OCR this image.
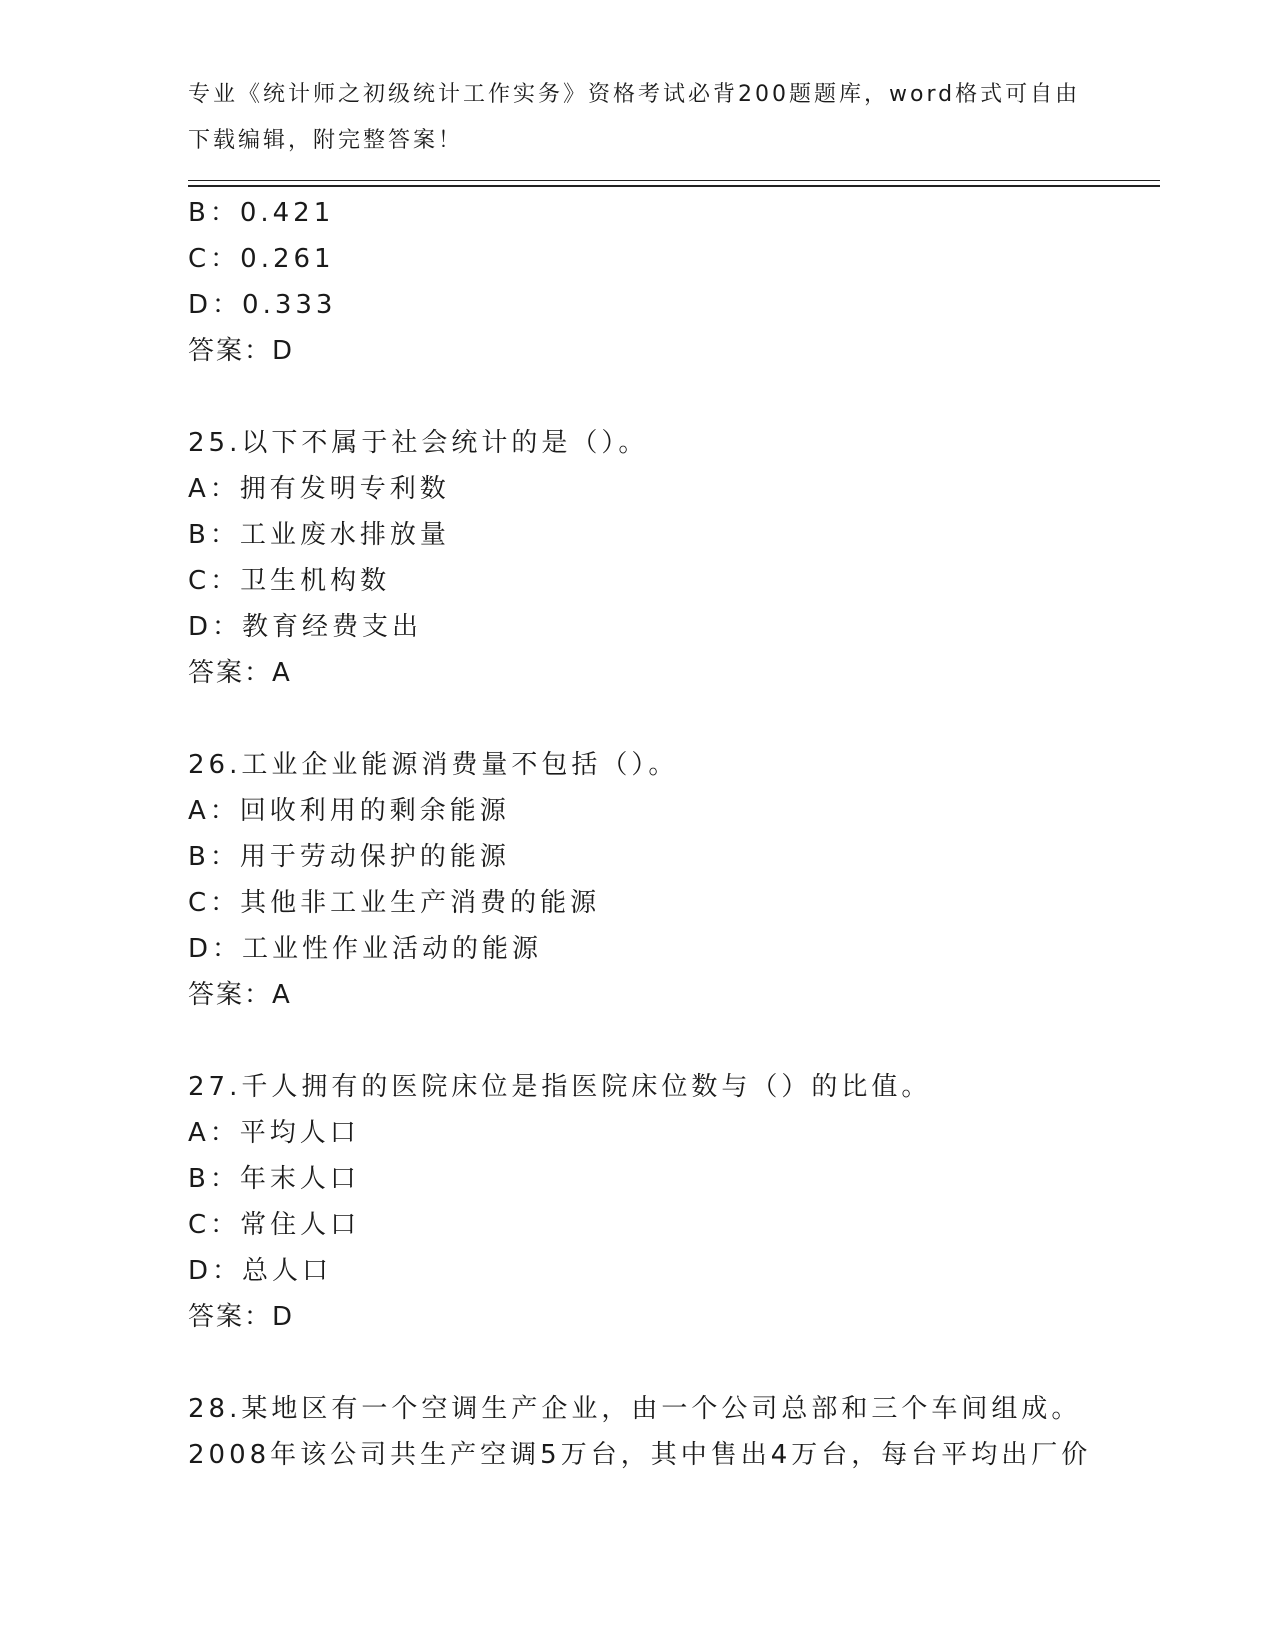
专业《统计师之初级统计工作实务》资格考试必背200题题库，word格式可自由
下载编辑，附完整答案！
B：0.421
C：0.261
D：0.333
答案：D
25.以下不属于社会统计的是（）。
A：拥有发明专利数
B：工业废水排放量
C：卫生机构数
D：教育经费支出
答案：A
26.工业企业能源消费量不包括（）。
A：回收利用的剩余能源
B：用于劳动保护的能源
C：其他非工业生产消费的能源
D：工业性作业活动的能源
答案：A
27.千人拥有的医院床位是指医院床位数与（）的比值。
A：平均人口
B：年末人口
C：常住人口
D：总人口
答案：D
28.某地区有一个空调生产企业，由一个公司总部和三个车间组成。
2008年该公司共生产空调5万台，其中售出4万台，每台平均出厂价
